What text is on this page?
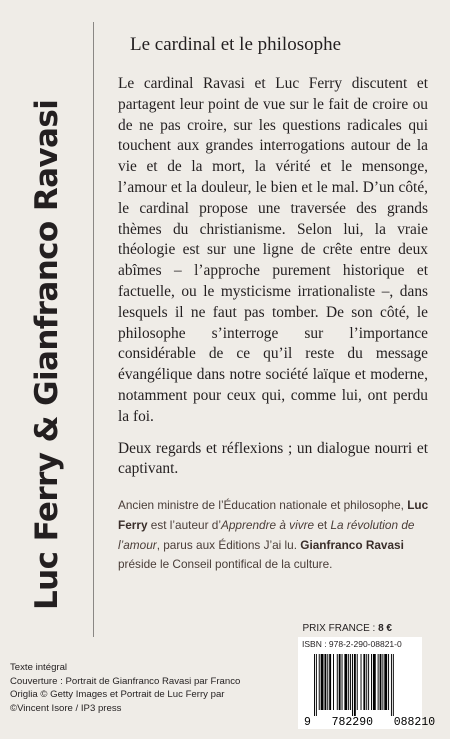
Luc Ferry & Gianfranco Ravasi
Le cardinal et le philosophe

Le cardinal Ravasi et Luc Ferry discutent et partagent leur point de vue sur le fait de croire ou de ne pas croire, sur les questions radicales qui touchent aux grandes interrogations autour de la vie et de la mort, la vérité et le mensonge, l’amour et la douleur, le bien et le mal. D’un côté, le cardinal propose une traversée des grands thèmes du christianisme. Selon lui, la vraie théologie est sur une ligne de crête entre deux abîmes – l’approche purement historique et factuelle, ou le mysticisme irrationaliste –, dans lesquels il ne faut pas tomber. De son côté, le philosophe s’interroge sur l’importance considérable de ce qu’il reste du message évangélique dans notre société laïque et moderne, notamment pour ceux qui, comme lui, ont perdu la foi.

Deux regards et réflexions ; un dialogue nourri et captivant.

Ancien ministre de l’Éducation nationale et philosophe, Luc Ferry est l’auteur d’Apprendre à vivre et La révolution de l’amour, parus aux Éditions J’ai lu. Gianfranco Ravasi préside le Conseil pontifical de la culture.
PRIX FRANCE : 8 €
ISBN : 978-2-290-08821-0
9   782290   088210
Texte intégral
Couverture : Portrait de Gianfranco Ravasi par Franco Origlia © Getty Images et Portrait de Luc Ferry par ©Vincent Isore / IP3 press
